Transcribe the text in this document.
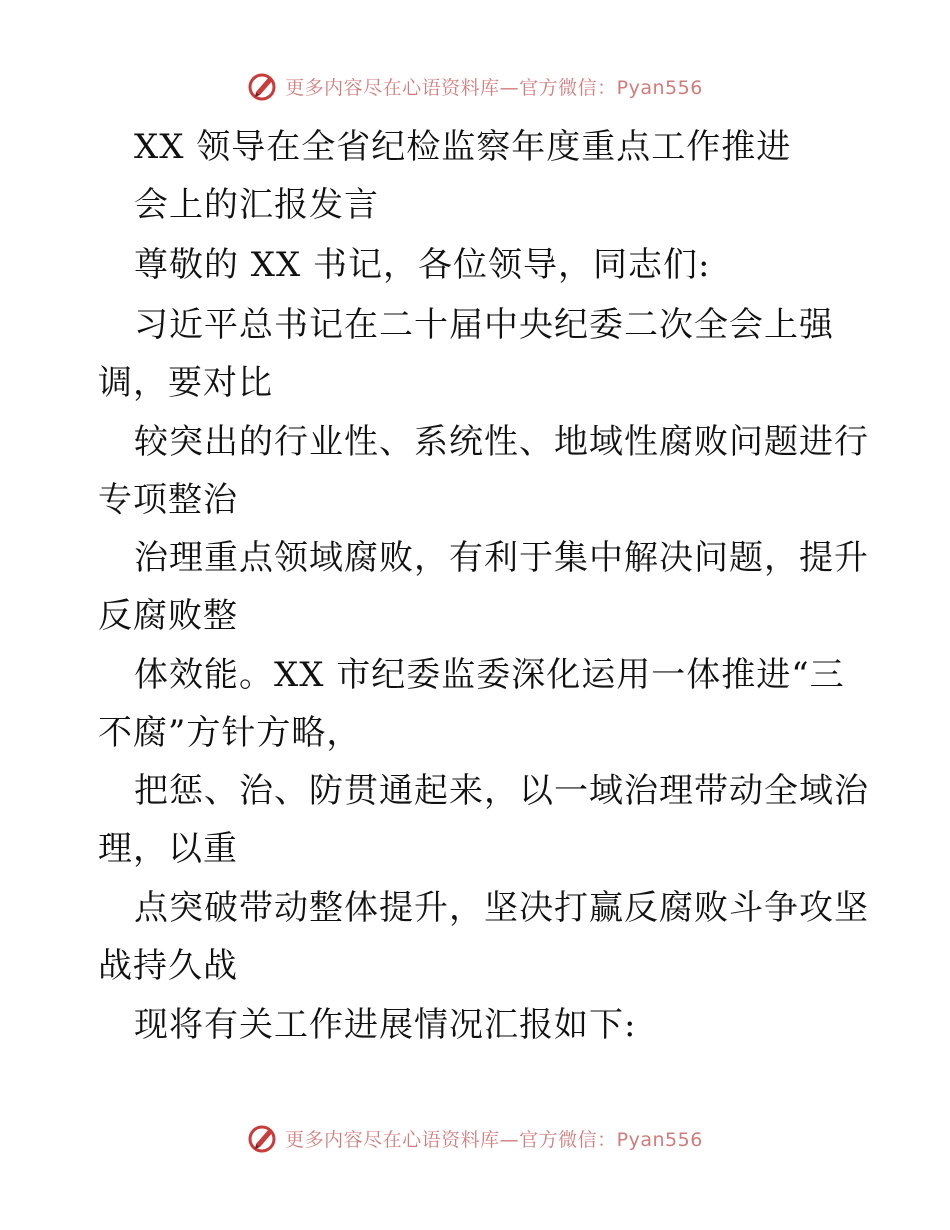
更多内容尽在心语资料库—官方微信：Pyan556
XX 领导在全省纪检监察年度重点工作推进
会上的汇报发言
尊敬的 XX 书记，各位领导，同志们:
习近平总书记在二十届中央纪委二次全会上强
调，要对比
较突出的行业性、系统性、地域性腐败问题进行
专项整治
治理重点领域腐败，有利于集中解决问题，提升
反腐败整
体效能。XX 市纪委监委深化运用一体推进“三
不腐”方针方略，
把惩、治、防贯通起来，以一域治理带动全域治
理，以重
点突破带动整体提升，坚决打赢反腐败斗争攻坚
战持久战
现将有关工作进展情况汇报如下:
更多内容尽在心语资料库—官方微信：Pyan556
